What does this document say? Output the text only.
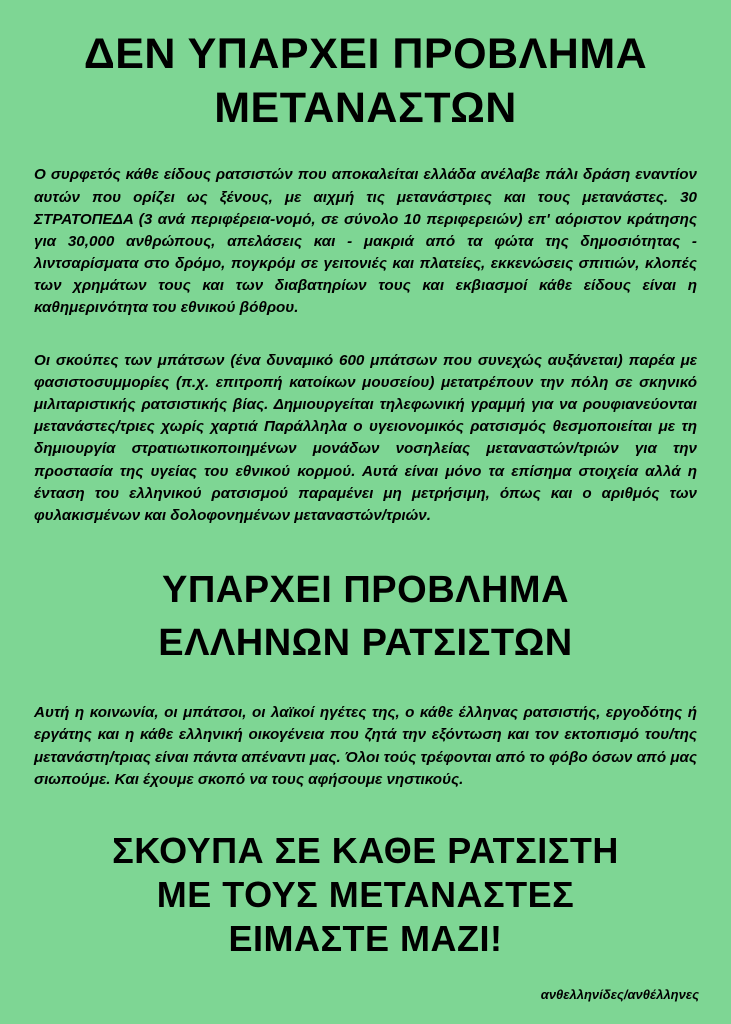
ΔΕΝ ΥΠΑΡΧΕΙ ΠΡΟΒΛΗΜΑ
ΜΕΤΑΝΑΣΤΩΝ

Ο συρφετός κάθε είδους ρατσιστών που αποκαλείται ελλάδα ανέλαβε πάλι δράση εναντίον αυτών που ορίζει ως ξένους, με αιχμή τις μετανάστριες και τους μετανάστες. 30 ΣΤΡΑΤΟΠΕΔΑ (3 ανά περιφέρεια-νομό, σε σύνολο 10 περιφερειών) επ' αόριστον κράτησης για 30,000 ανθρώπους, απελάσεις και - μακριά από τα φώτα της δημοσιότητας - λιντσαρίσματα στο δρόμο, πογκρόμ σε γειτονιές και πλατείες, εκκενώσεις σπιτιών, κλοπές των χρημάτων τους και των διαβατηρίων τους και εκβιασμοί κάθε είδους είναι η καθημερινότητα του εθνικού βόθρου.

Οι σκούπες των μπάτσων (ένα δυναμικό 600 μπάτσων που συνεχώς αυξάνεται) παρέα με φασιστοσυμμορίες (π.χ. επιτροπή κατοίκων μουσείου) μετατρέπουν την πόλη σε σκηνικό μιλιταριστικής ρατσιστικής βίας. Δημιουργείται τηλεφωνική γραμμή για να ρουφιανεύονται μετανάστες/τριες χωρίς χαρτιά Παράλληλα ο υγειονομικός ρατσισμός θεσμοποιείται με τη δημιουργία στρατιωτικοποιημένων μονάδων νοσηλείας μεταναστών/τριών για την προστασία της υγείας του εθνικού κορμού. Αυτά είναι μόνο τα επίσημα στοιχεία αλλά η ένταση του ελληνικού ρατσισμού παραμένει μη μετρήσιμη, όπως και ο αριθμός των φυλακισμένων και δολοφονημένων μεταναστών/τριών.

ΥΠΑΡΧΕΙ ΠΡΟΒΛΗΜΑ
ΕΛΛΗΝΩΝ ΡΑΤΣΙΣΤΩΝ

Αυτή η κοινωνία, οι μπάτσοι, οι λαϊκοί ηγέτες της, ο κάθε έλληνας ρατσιστής, εργοδότης ή εργάτης και η κάθε ελληνική οικογένεια που ζητά την εξόντωση και τον εκτοπισμό του/της μετανάστη/τριας είναι πάντα απέναντι μας. Όλοι τούς τρέφονται από το φόβο όσων από μας σιωπούμε. Και έχουμε σκοπό να τους αφήσουμε νηστικούς.

ΣΚΟΥΠΑ ΣΕ ΚΑΘΕ ΡΑΤΣΙΣΤΗ
ΜΕ ΤΟΥΣ ΜΕΤΑΝΑΣΤΕΣ
ΕΙΜΑΣΤΕ ΜΑΖΙ!
ανθελληνίδες/ανθέλληνες
